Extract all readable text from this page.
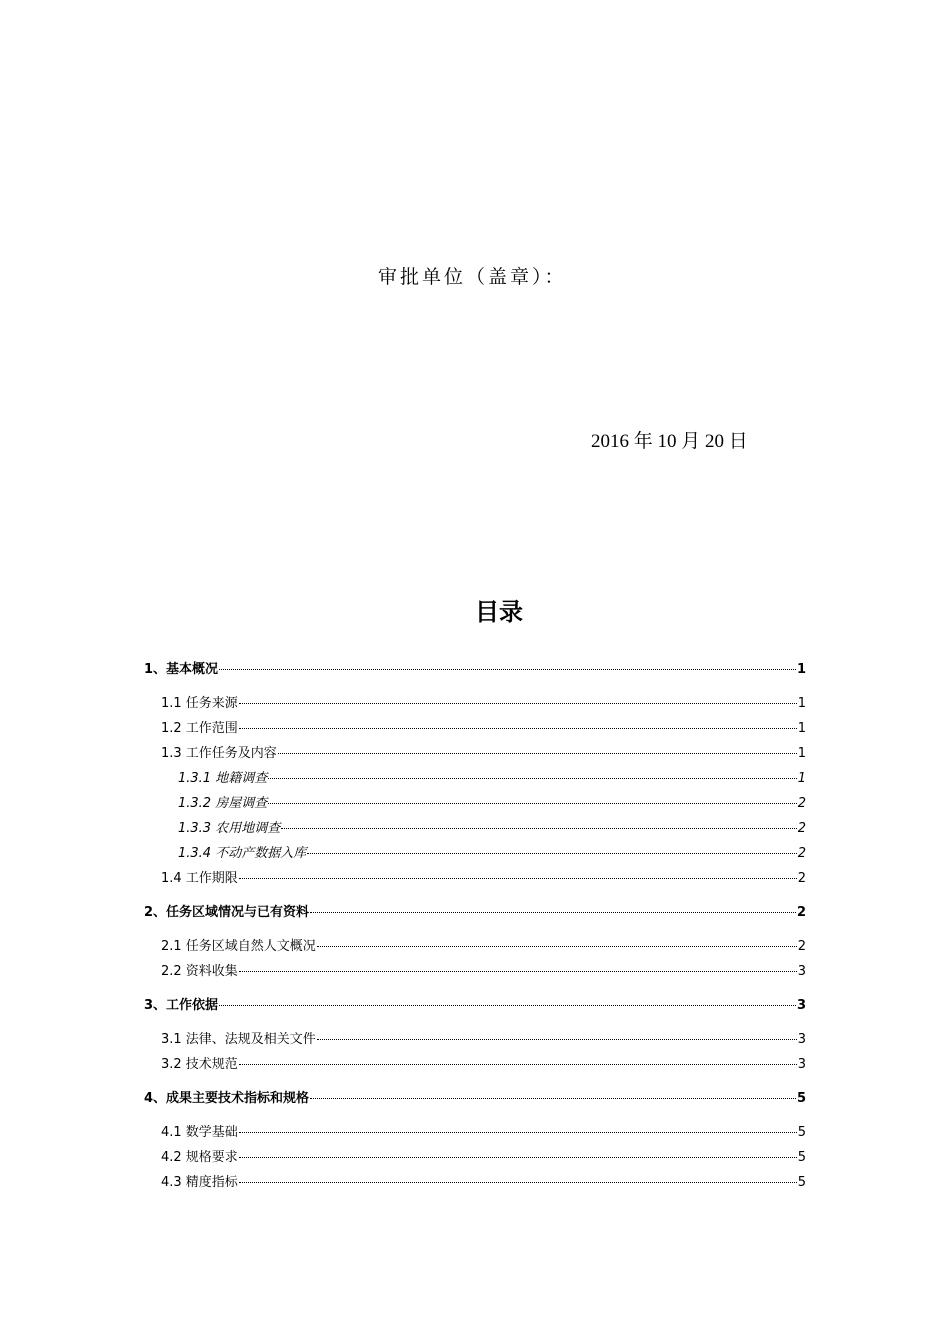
审批单位（盖章）：
2016 年 10 月 20 日
目录
1、基本概况	1
1.1 任务来源	1
1.2 工作范围	1
1.3 工作任务及内容	1
1.3.1 地籍调查	1
1.3.2 房屋调查	2
1.3.3 农用地调查	2
1.3.4 不动产数据入库	2
1.4 工作期限	2
2、任务区域情况与已有资料	2
2.1 任务区域自然人文概况	2
2.2 资料收集	3
3、工作依据	3
3.1 法律、法规及相关文件	3
3.2 技术规范	3
4、成果主要技术指标和规格	5
4.1 数学基础	5
4.2 规格要求	5
4.3 精度指标	5
